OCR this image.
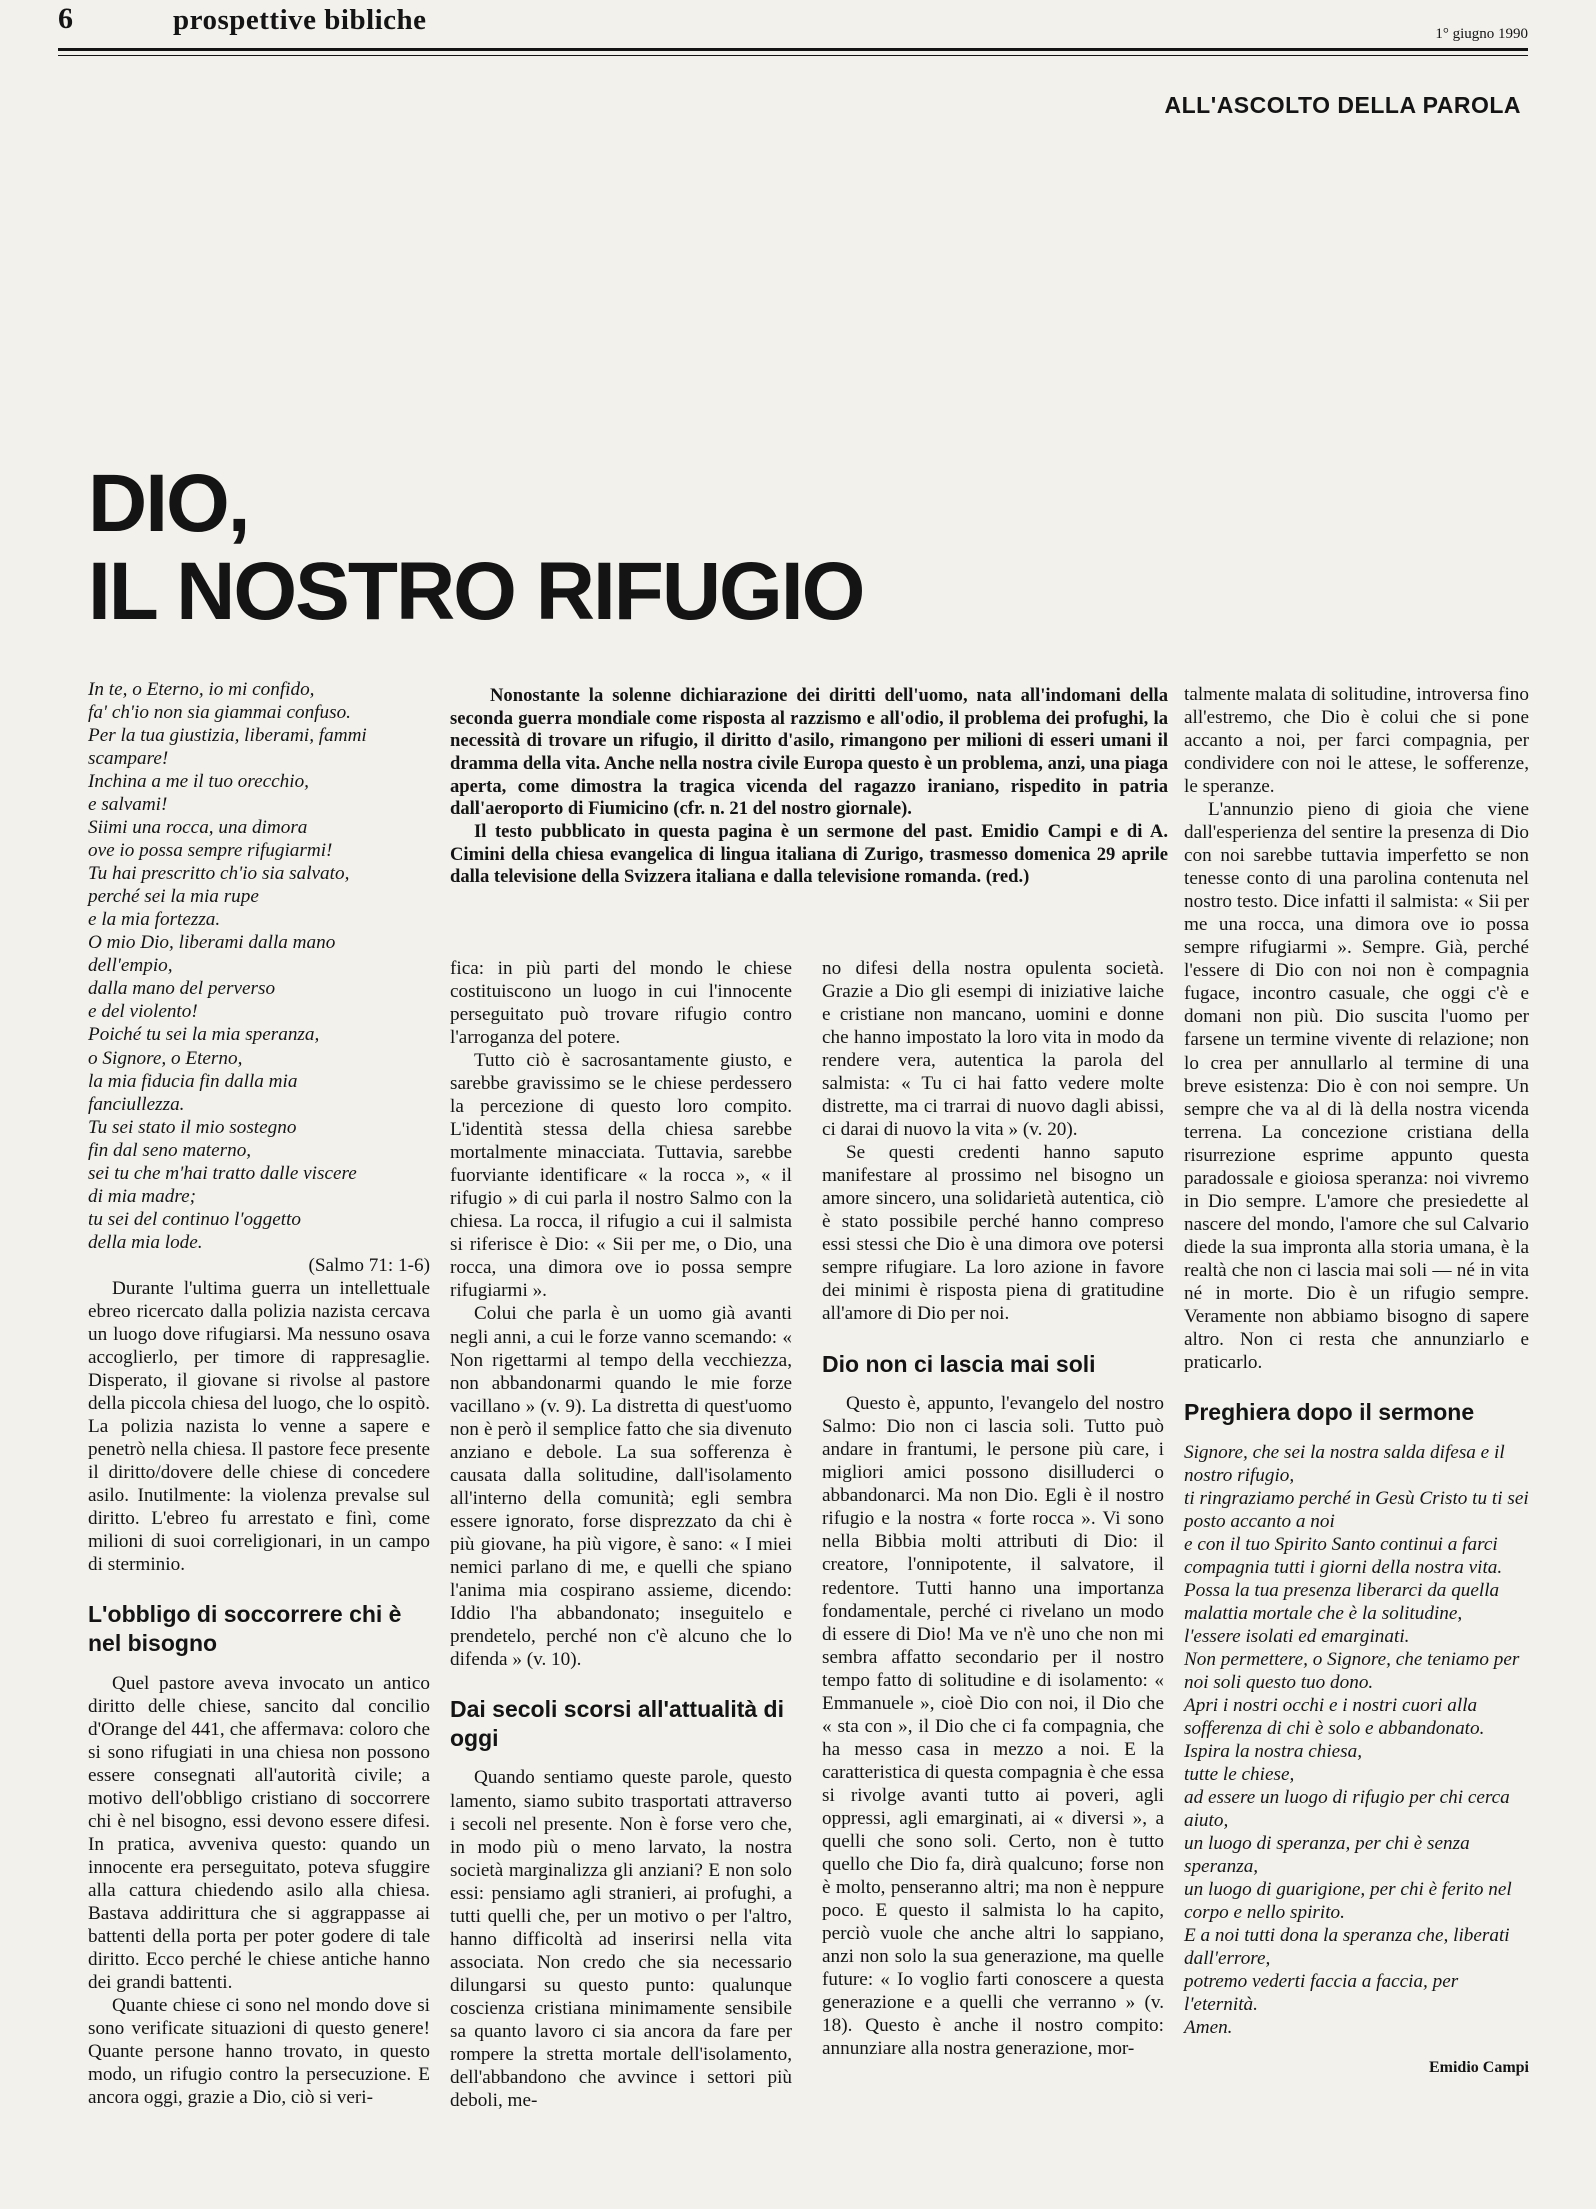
6	prospettive bibliche	1° giugno 1990
ALL'ASCOLTO DELLA PAROLA
DIO,
IL NOSTRO RIFUGIO
In te, o Eterno, io mi confido,
fa' ch'io non sia giammai confuso.
Per la tua giustizia, liberami, fammi scampare!
Inchina a me il tuo orecchio,
e salvami!
Siimi una rocca, una dimora
ove io possa sempre rifugiarmi!
Tu hai prescritto ch'io sia salvato,
perché sei la mia rupe
e la mia fortezza.
O mio Dio, liberami dalla mano
dell'empio,
dalla mano del perverso
e del violento!
Poiché tu sei la mia speranza,
o Signore, o Eterno,
la mia fiducia fin dalla mia
fanciullezza.
Tu sei stato il mio sostegno
fin dal seno materno,
sei tu che m'hai tratto dalle viscere
di mia madre;
tu sei del continuo l'oggetto
della mia lode.
(Salmo 71: 1-6)

Durante l'ultima guerra un intellettuale ebreo ricercato dalla polizia nazista cercava un luogo dove rifugiarsi. Ma nessuno osava accoglierlo, per timore di rappresaglie. Disperato, il giovane si rivolse al pastore della piccola chiesa del luogo, che lo ospitò. La polizia nazista lo venne a sapere e penetrò nella chiesa. Il pastore fece presente il diritto/dovere delle chiese di concedere asilo. Inutilmente: la violenza prevalse sul diritto. L'ebreo fu arrestato e finì, come milioni di suoi correligionari, in un campo di sterminio.

L'obbligo di soccorrere chi è nel bisogno

Quel pastore aveva invocato un antico diritto delle chiese, sancito dal concilio d'Orange del 441, che affermava: coloro che si sono rifugiati in una chiesa non possono essere consegnati all'autorità civile; a motivo dell'obbligo cristiano di soccorrere chi è nel bisogno, essi devono essere difesi. In pratica, avveniva questo: quando un innocente era perseguitato, poteva sfuggire alla cattura chiedendo asilo alla chiesa. Bastava addirittura che si aggrappasse ai battenti della porta per poter godere di tale diritto. Ecco perché le chiese antiche hanno dei grandi battenti.

Quante chiese ci sono nel mondo dove si sono verificate situazioni di questo genere! Quante persone hanno trovato, in questo modo, un rifugio contro la persecuzione. E ancora oggi, grazie a Dio, ciò si veri-

Nonostante la solenne dichiarazione dei diritti dell'uomo, nata all'indomani della seconda guerra mondiale come risposta al razzismo e all'odio, il problema dei profughi, la necessità di trovare un rifugio, il diritto d'asilo, rimangono per milioni di esseri umani il dramma della vita. Anche nella nostra civile Europa questo è un problema, anzi, una piaga aperta, come dimostra la tragica vicenda del ragazzo iraniano, rispedito in patria dall'aeroporto di Fiumicino (cfr. n. 21 del nostro giornale).

Il testo pubblicato in questa pagina è un sermone del past. Emidio Campi e di A. Cimini della chiesa evangelica di lingua italiana di Zurigo, trasmesso domenica 29 aprile dalla televisione della Svizzera italiana e dalla televisione romanda. (red.)

fica: in più parti del mondo le chiese costituiscono un luogo in cui l'innocente perseguitato può trovare rifugio contro l'arroganza del potere.

Tutto ciò è sacrosantamente giusto, e sarebbe gravissimo se le chiese perdessero la percezione di questo loro compito. L'identità stessa della chiesa sarebbe mortalmente minacciata. Tuttavia, sarebbe fuorviante identificare « la rocca », « il rifugio » di cui parla il nostro Salmo con la chiesa. La rocca, il rifugio a cui il salmista si riferisce è Dio: « Sii per me, o Dio, una rocca, una dimora ove io possa sempre rifugiarmi ».

Colui che parla è un uomo già avanti negli anni, a cui le forze vanno scemando: « Non rigettarmi al tempo della vecchiezza, non abbandonarmi quando le mie forze vacillano » (v. 9). La distretta di quest'uomo non è però il semplice fatto che sia divenuto anziano e debole. La sua sofferenza è causata dalla solitudine, dall'isolamento all'interno della comunità; egli sembra essere ignorato, forse disprezzato da chi è più giovane, ha più vigore, è sano: « I miei nemici parlano di me, e quelli che spiano l'anima mia cospirano assieme, dicendo: Iddio l'ha abbandonato; inseguitelo e prendetelo, perché non c'è alcuno che lo difenda » (v. 10).

Dai secoli scorsi all'attualità di oggi

Quando sentiamo queste parole, questo lamento, siamo subito trasportati attraverso i secoli nel presente. Non è forse vero che, in modo più o meno larvato, la nostra società marginalizza gli anziani? E non solo essi: pensiamo agli stranieri, ai profughi, a tutti quelli che, per un motivo o per l'altro, hanno difficoltà ad inserirsi nella vita associata. Non credo che sia necessario dilungarsi su questo punto: qualunque coscienza cristiana minimamente sensibile sa quanto lavoro ci sia ancora da fare per rompere la stretta mortale dell'isolamento, dell'abbandono che avvince i settori più deboli, me-

no difesi della nostra opulenta società. Grazie a Dio gli esempi di iniziative laiche e cristiane non mancano, uomini e donne che hanno impostato la loro vita in modo da rendere vera, autentica la parola del salmista: « Tu ci hai fatto vedere molte distrette, ma ci trarrai di nuovo dagli abissi, ci darai di nuovo la vita » (v. 20).

Se questi credenti hanno saputo manifestare al prossimo nel bisogno un amore sincero, una solidarietà autentica, ciò è stato possibile perché hanno compreso essi stessi che Dio è una dimora ove potersi sempre rifugiare. La loro azione in favore dei minimi è risposta piena di gratitudine all'amore di Dio per noi.

Dio non ci lascia mai soli

Questo è, appunto, l'evangelo del nostro Salmo: Dio non ci lascia soli. Tutto può andare in frantumi, le persone più care, i migliori amici possono disilluderci o abbandonarci. Ma non Dio. Egli è il nostro rifugio e la nostra « forte rocca ». Vi sono nella Bibbia molti attributi di Dio: il creatore, l'onnipotente, il salvatore, il redentore. Tutti hanno una importanza fondamentale, perché ci rivelano un modo di essere di Dio! Ma ve n'è uno che non mi sembra affatto secondario per il nostro tempo fatto di solitudine e di isolamento: « Emmanuele », cioè Dio con noi, il Dio che « sta con », il Dio che ci fa compagnia, che ha messo casa in mezzo a noi. E la caratteristica di questa compagnia è che essa si rivolge avanti tutto ai poveri, agli oppressi, agli emarginati, ai « diversi », a quelli che sono soli. Certo, non è tutto quello che Dio fa, dirà qualcuno; forse non è molto, penseranno altri; ma non è neppure poco. E questo il salmista lo ha capito, perciò vuole che anche altri lo sappiano, anzi non solo la sua generazione, ma quelle future: « Io voglio farti conoscere a questa generazione e a quelli che verranno » (v. 18). Questo è anche il nostro compito: annunziare alla nostra generazione, mor-

talmente malata di solitudine, introversa fino all'estremo, che Dio è colui che si pone accanto a noi, per farci compagnia, per condividere con noi le attese, le sofferenze, le speranze.

L'annunzio pieno di gioia che viene dall'esperienza del sentire la presenza di Dio con noi sarebbe tuttavia imperfetto se non tenesse conto di una parolina contenuta nel nostro testo. Dice infatti il salmista: « Sii per me una rocca, una dimora ove io possa sempre rifugiarmi ». Sempre. Già, perché l'essere di Dio con noi non è compagnia fugace, incontro casuale, che oggi c'è e domani non più. Dio suscita l'uomo per farsene un termine vivente di relazione; non lo crea per annullarlo al termine di una breve esistenza: Dio è con noi sempre. Un sempre che va al di là della nostra vicenda terrena. La concezione cristiana della risurrezione esprime appunto questa paradossale e gioiosa speranza: noi vivremo in Dio sempre. L'amore che presiedette al nascere del mondo, l'amore che sul Calvario diede la sua impronta alla storia umana, è la realtà che non ci lascia mai soli — né in vita né in morte. Dio è un rifugio sempre. Veramente non abbiamo bisogno di sapere altro. Non ci resta che annunziarlo e praticarlo.

Preghiera dopo il sermone
Signore, che sei la nostra salda difesa e il nostro rifugio,
ti ringraziamo perché in Gesù Cristo tu ti sei posto accanto a noi
e con il tuo Spirito Santo continui a farci compagnia tutti i giorni della nostra vita.
Possa la tua presenza liberarci da quella malattia mortale che è la solitudine,
l'essere isolati ed emarginati.
Non permettere, o Signore, che teniamo per noi soli questo tuo dono.
Apri i nostri occhi e i nostri cuori alla sofferenza di chi è solo e abbandonato.
Ispira la nostra chiesa,
tutte le chiese,
ad essere un luogo di rifugio per chi cerca aiuto,
un luogo di speranza, per chi è senza speranza,
un luogo di guarigione, per chi è ferito nel corpo e nello spirito.
E a noi tutti dona la speranza che, liberati dall'errore,
potremo vederti faccia a faccia, per l'eternità.
Amen.
Emidio Campi
